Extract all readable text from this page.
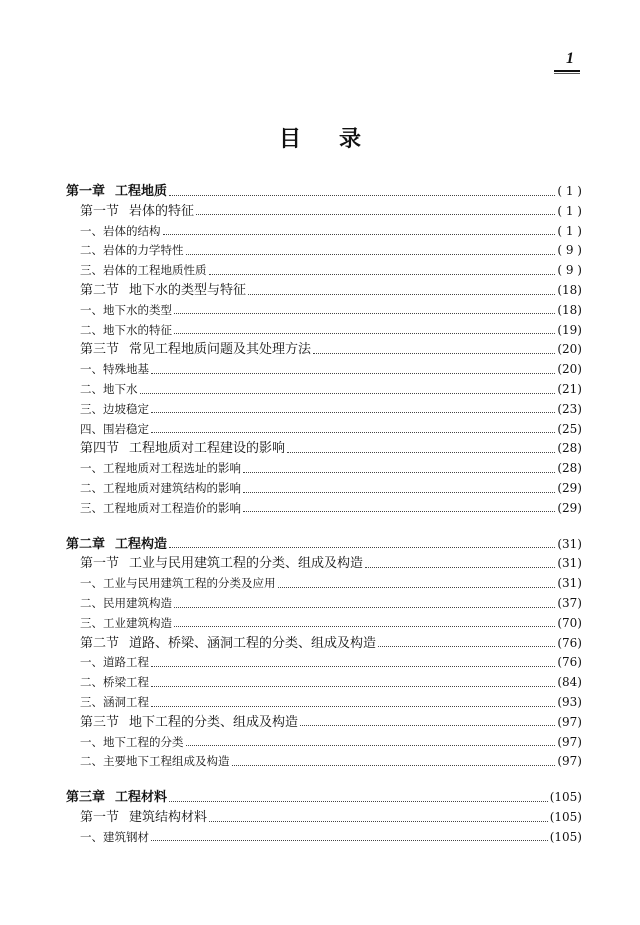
1
目 录
第一章 工程地质	( 1 )
第一节 岩体的特征	( 1 )
一、岩体的结构	( 1 )
二、岩体的力学特性	( 9 )
三、岩体的工程地质性质	( 9 )
第二节 地下水的类型与特征	(18)
一、地下水的类型	(18)
二、地下水的特征	(19)
第三节 常见工程地质问题及其处理方法	(20)
一、特殊地基	(20)
二、地下水	(21)
三、边坡稳定	(23)
四、围岩稳定	(25)
第四节 工程地质对工程建设的影响	(28)
一、工程地质对工程选址的影响	(28)
二、工程地质对建筑结构的影响	(29)
三、工程地质对工程造价的影响	(29)
第二章 工程构造	(31)
第一节 工业与民用建筑工程的分类、组成及构造	(31)
一、工业与民用建筑工程的分类及应用	(31)
二、民用建筑构造	(37)
三、工业建筑构造	(70)
第二节 道路、桥梁、涵洞工程的分类、组成及构造	(76)
一、道路工程	(76)
二、桥梁工程	(84)
三、涵洞工程	(93)
第三节 地下工程的分类、组成及构造	(97)
一、地下工程的分类	(97)
二、主要地下工程组成及构造	(97)
第三章 工程材料	(105)
第一节 建筑结构材料	(105)
一、建筑钢材	(105)
